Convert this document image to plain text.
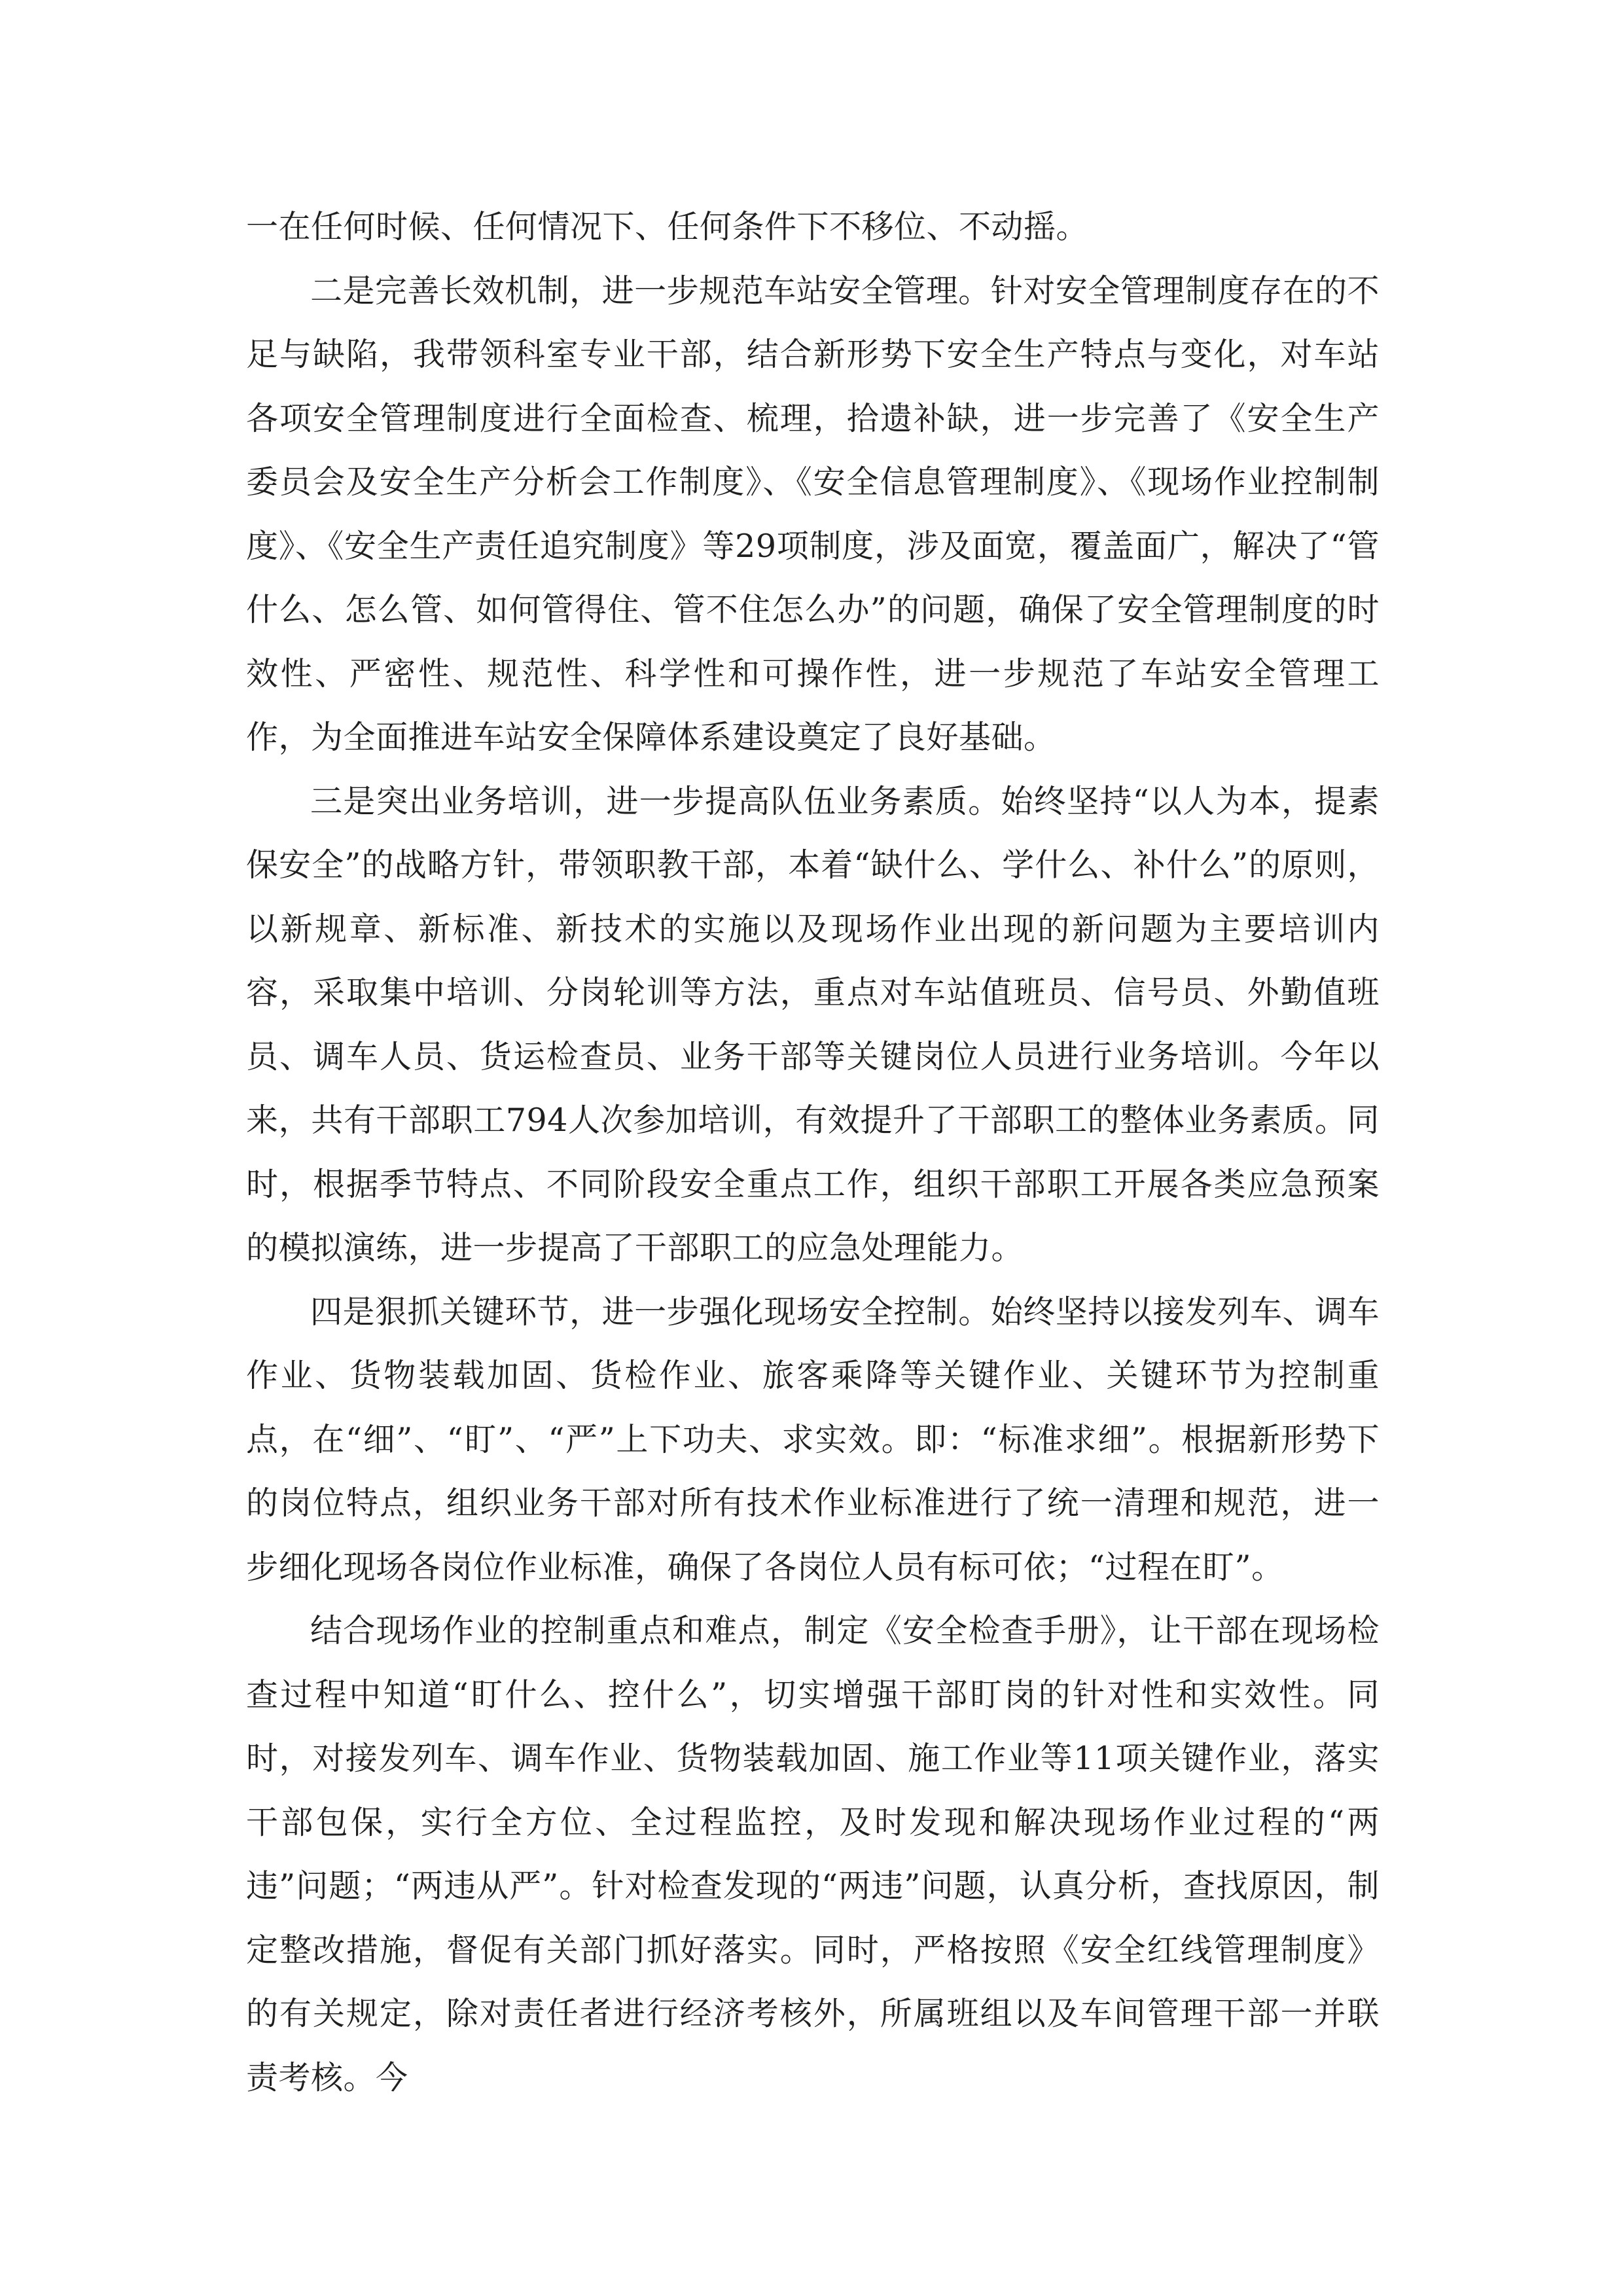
一在任何时候、任何情况下、任何条件下不移位、不动摇。

二是完善长效机制，进一步规范车站安全管理。针对安全管理制度存在的不足与缺陷，我带领科室专业干部，结合新形势下安全生产特点与变化，对车站各项安全管理制度进行全面检查、梳理，拾遗补缺，进一步完善了《安全生产委员会及安全生产分析会工作制度》、《安全信息管理制度》、《现场作业控制制度》、《安全生产责任追究制度》等29项制度，涉及面宽，覆盖面广，解决了“管什么、怎么管、如何管得住、管不住怎么办”的问题，确保了安全管理制度的时效性、严密性、规范性、科学性和可操作性，进一步规范了车站安全管理工作，为全面推进车站安全保障体系建设奠定了良好基础。

三是突出业务培训，进一步提高队伍业务素质。始终坚持“以人为本，提素保安全”的战略方针，带领职教干部，本着“缺什么、学什么、补什么”的原则，以新规章、新标准、新技术的实施以及现场作业出现的新问题为主要培训内容，采取集中培训、分岗轮训等方法，重点对车站值班员、信号员、外勤值班员、调车人员、货运检查员、业务干部等关键岗位人员进行业务培训。今年以来，共有干部职工794人次参加培训，有效提升了干部职工的整体业务素质。同时，根据季节特点、不同阶段安全重点工作，组织干部职工开展各类应急预案的模拟演练，进一步提高了干部职工的应急处理能力。

四是狠抓关键环节，进一步强化现场安全控制。始终坚持以接发列车、调车作业、货物装载加固、货检作业、旅客乘降等关键作业、关键环节为控制重点，在“细”、“盯”、“严”上下功夫、求实效。即：“标准求细”。根据新形势下的岗位特点，组织业务干部对所有技术作业标准进行了统一清理和规范，进一步细化现场各岗位作业标准，确保了各岗位人员有标可依；“过程在盯”。

结合现场作业的控制重点和难点，制定《安全检查手册》，让干部在现场检查过程中知道“盯什么、控什么”，切实增强干部盯岗的针对性和实效性。同时，对接发列车、调车作业、货物装载加固、施工作业等11项关键作业，落实干部包保，实行全方位、全过程监控，及时发现和解决现场作业过程的“两违”问题；“两违从严”。针对检查发现的“两违”问题，认真分析，查找原因，制定整改措施，督促有关部门抓好落实。同时，严格按照《安全红线管理制度》的有关规定，除对责任者进行经济考核外，所属班组以及车间管理干部一并联责考核。今
